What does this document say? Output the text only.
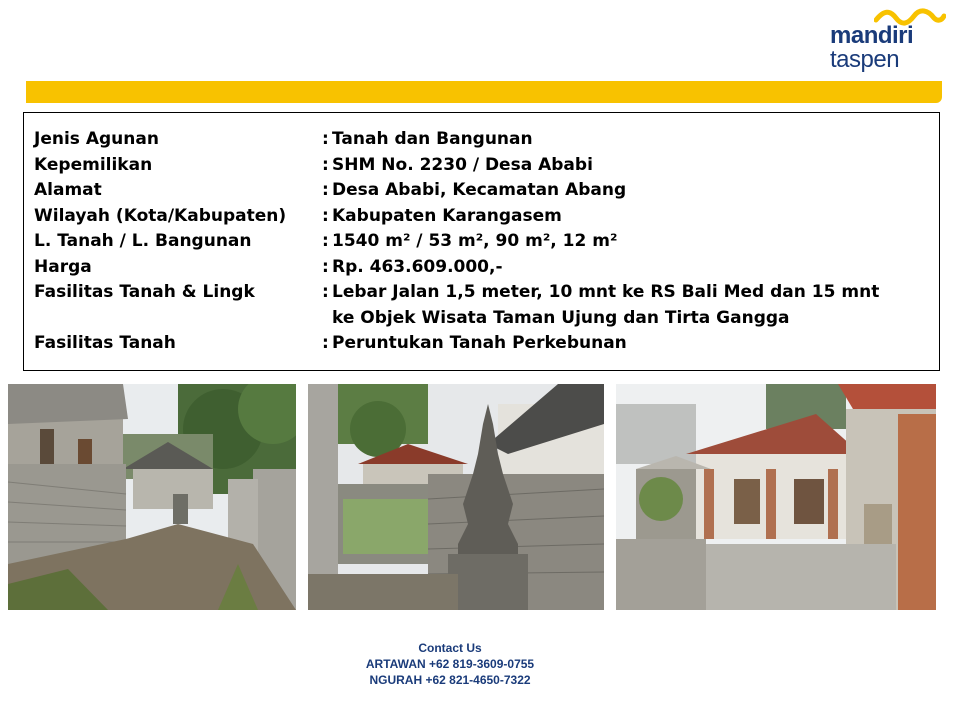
mandiri
taspen
Jenis Agunan	: Tanah dan Bangunan
Kepemilikan	: SHM No. 2230 / Desa Ababi
Alamat	: Desa Ababi, Kecamatan Abang
Wilayah (Kota/Kabupaten)	: Kabupaten Karangasem
L. Tanah / L. Bangunan	: 1540 m² / 53 m², 90 m², 12 m²
Harga	: Rp. 463.609.000,-
Fasilitas Tanah & Lingk	: Lebar Jalan 1,5 meter, 10 mnt ke RS Bali Med dan 15 mnt ke Objek Wisata Taman Ujung dan Tirta Gangga
Fasilitas Tanah	: Peruntukan Tanah Perkebunan
Contact Us
ARTAWAN +62 819-3609-0755
NGURAH +62 821-4650-7322
